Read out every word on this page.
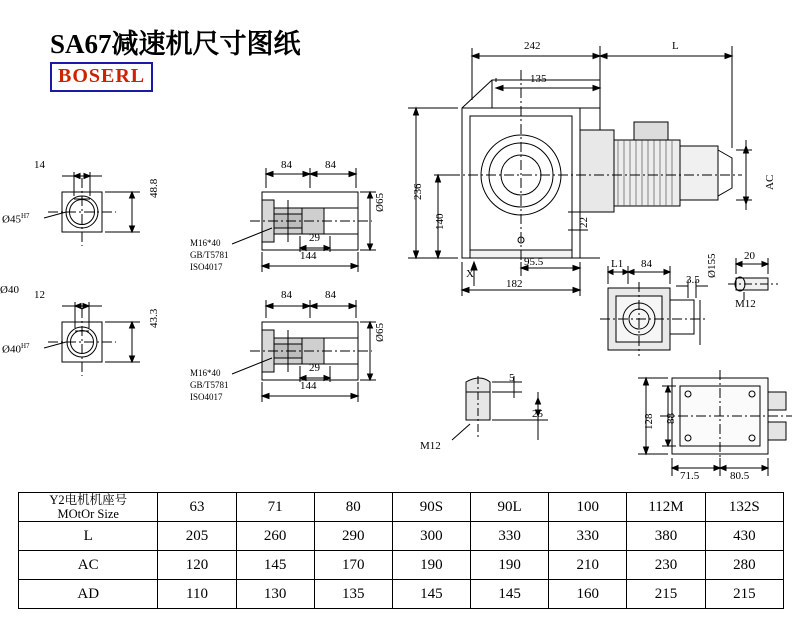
SA67减速机尺寸图纸
BOSERL
14
$Ø45^{H7}$
Ø40
48.8
12
$Ø40^{H7}$
43.3
84	84
29
144
Ø65
M16*40
GB/T5781
ISO4017
84	84
29
144
Ø65
M16*40
GB/T5781
ISO4017
242
135
L
236
140	22
AC
95.5
182
X
L1 84
3.5
20
Ø155
M12
5
25
M12
128 88
71.5	80.5
Y2电机机座号
MOtOr Size	63	71	80	90S	90L	100	112M	132S
L	205	260	290	300	330	330	380	430
AC	120	145	170	190	190	210	230	280
AD	110	130	135	145	145	160	215	215
